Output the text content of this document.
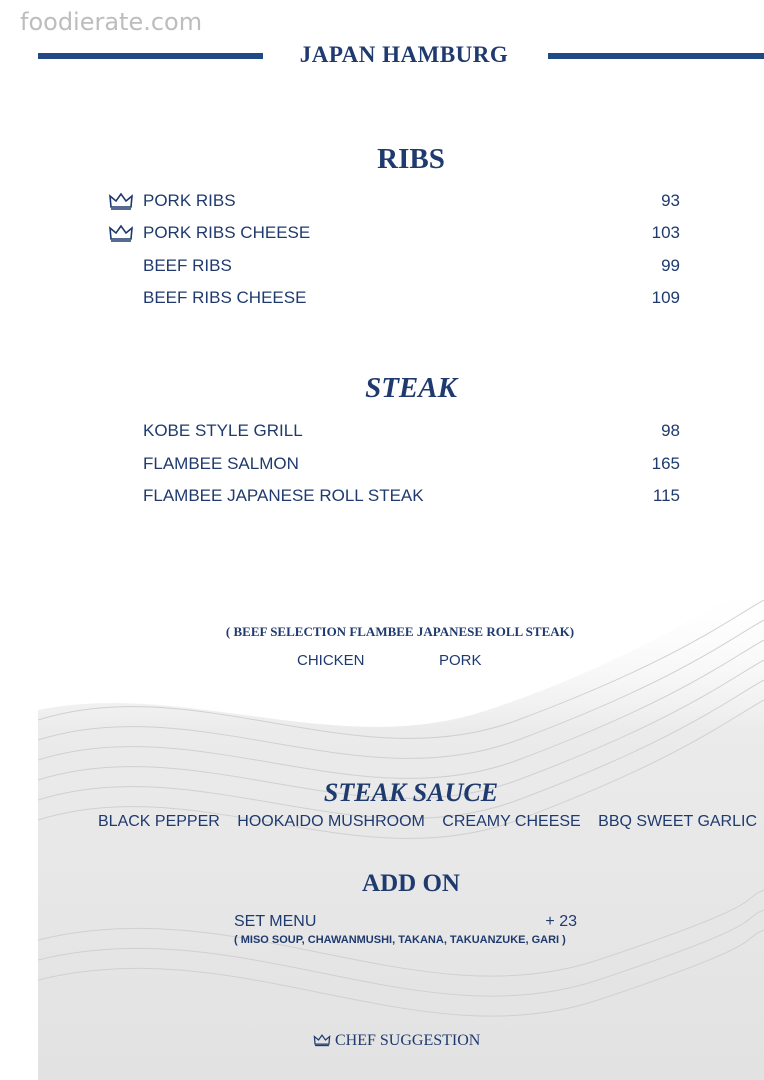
foodierate.com
JAPAN HAMBURG
RIBS
PORK RIBS	93
PORK RIBS CHEESE	103
BEEF RIBS	99
BEEF RIBS CHEESE	109
STEAK
KOBE STYLE GRILL	98
FLAMBEE SALMON	165
FLAMBEE JAPANESE ROLL STEAK	115
( BEEF SELECTION FLAMBEE JAPANESE ROLL STEAK)
CHICKEN	PORK
STEAK SAUCE
BLACK PEPPER HOOKAIDO MUSHROOM CREAMY CHEESE BBQ SWEET GARLIC
ADD ON
SET MENU	+ 23
( MISO SOUP, CHAWANMUSHI, TAKANA, TAKUANZUKE, GARI )
CHEF SUGGESTION
